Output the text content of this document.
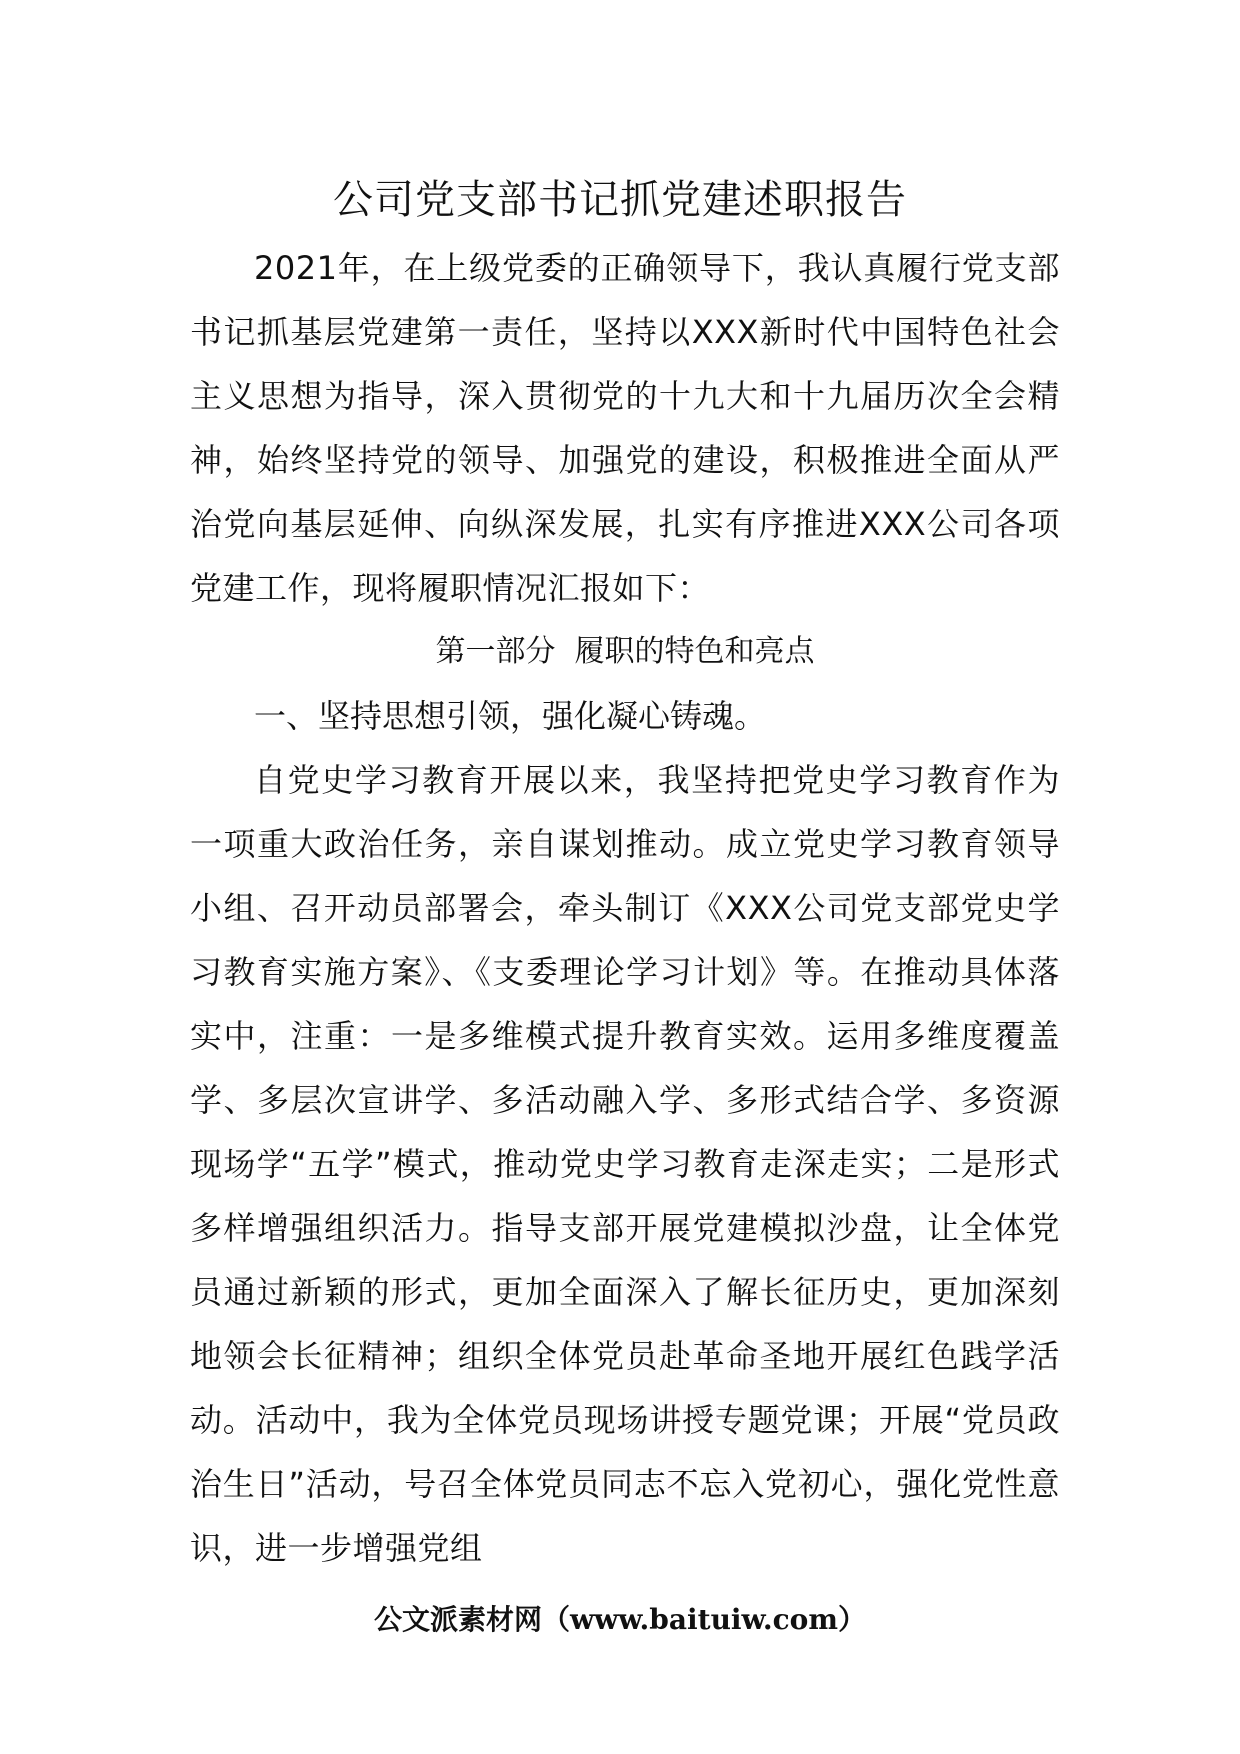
公司党支部书记抓党建述职报告

2021年，在上级党委的正确领导下，我认真履行党支部书记抓基层党建第一责任，坚持以XXX新时代中国特色社会主义思想为指导，深入贯彻党的十九大和十九届历次全会精神，始终坚持党的领导、加强党的建设，积极推进全面从严治党向基层延伸、向纵深发展，扎实有序推进XXX公司各项党建工作，现将履职情况汇报如下：

第一部分  履职的特色和亮点

一、坚持思想引领，强化凝心铸魂。

自党史学习教育开展以来，我坚持把党史学习教育作为一项重大政治任务，亲自谋划推动。成立党史学习教育领导小组、召开动员部署会，牵头制订《XXX公司党支部党史学习教育实施方案》、《支委理论学习计划》等。在推动具体落实中，注重：一是多维模式提升教育实效。运用多维度覆盖学、多层次宣讲学、多活动融入学、多形式结合学、多资源现场学“五学”模式，推动党史学习教育走深走实；二是形式多样增强组织活力。指导支部开展党建模拟沙盘，让全体党员通过新颖的形式，更加全面深入了解长征历史，更加深刻地领会长征精神；组织全体党员赴革命圣地开展红色践学活动。活动中，我为全体党员现场讲授专题党课；开展“党员政治生日”活动，号召全体党员同志不忘入党初心，强化党性意识，进一步增强党组

公文派素材网（www.baituiw.com）
